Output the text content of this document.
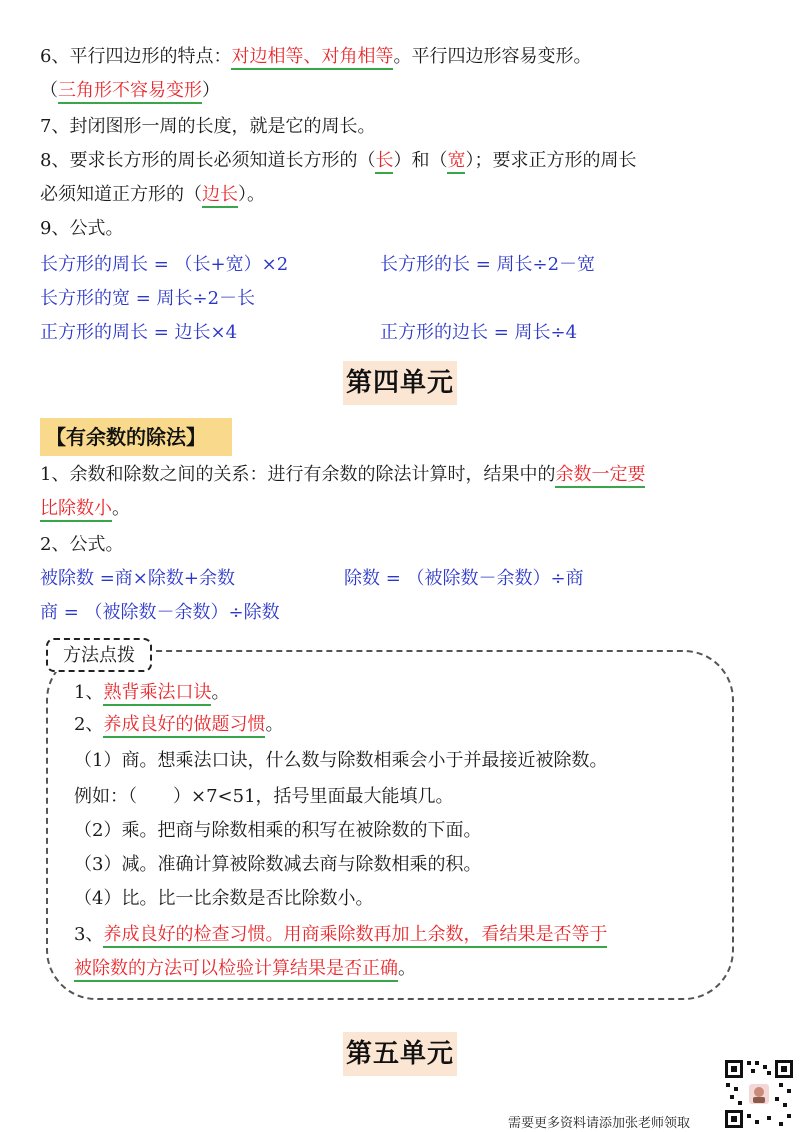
6、平行四边形的特点：对边相等、对角相等。平行四边形容易变形。
（三角形不容易变形）
7、封闭图形一周的长度，就是它的周长。
8、要求长方形的周长必须知道长方形的（长）和（宽）；要求正方形的周长
必须知道正方形的（边长）。
9、公式。
长方形的周长 = （长+宽）×2	长方形的长 = 周长÷2－宽
长方形的宽 = 周长÷2－长
正方形的周长 = 边长×4	正方形的边长 = 周长÷4
第四单元
【有余数的除法】
1、余数和除数之间的关系：进行有余数的除法计算时，结果中的余数一定要
比除数小。
2、公式。
被除数 =商×除数+余数	除数 = （被除数－余数）÷商
商 = （被除数－余数）÷除数
方法点拨
1、熟背乘法口诀。
2、养成良好的做题习惯。
（1）商。想乘法口诀，什么数与除数相乘会小于并最接近被除数。
例如：（　　）×7<51，括号里面最大能填几。
（2）乘。把商与除数相乘的积写在被除数的下面。
（3）减。准确计算被除数减去商与除数相乘的积。
（4）比。比一比余数是否比除数小。
3、养成良好的检查习惯。用商乘除数再加上余数，看结果是否等于
被除数的方法可以检验计算结果是否正确。
第五单元
需要更多资料请添加张老师领取
